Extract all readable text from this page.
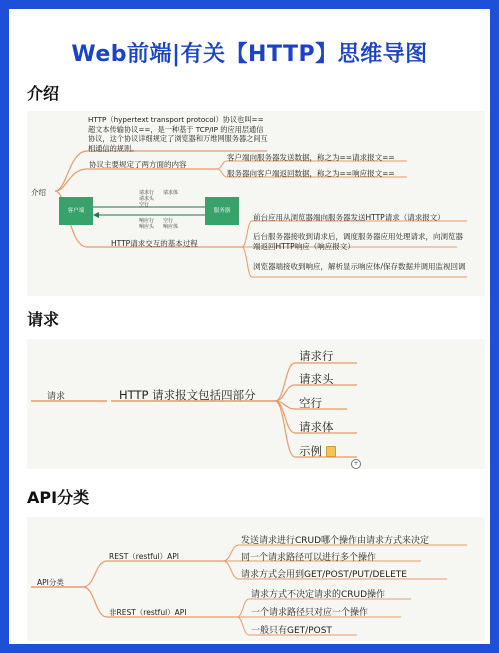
Web前端|有关【HTTP】思维导图
介绍
介绍
HTTP（hypertext transport protocol）协议也叫==超文本传输协议==，是一种基于 TCP/IP 的应用层通信协议，这个协议详细规定了浏览器和万维网服务器之间互相通信的规则。
协议主要规定了两方面的内容
客户端向服务器发送数据，称之为==请求报文==
服务器向客户端返回数据，称之为==响应报文==
客户端	服务器
请求行
请求头
空行
请求体
响应行
响应头
空行
响应体
HTTP请求交互的基本过程
前台应用从浏览器端向服务器发送HTTP请求（请求报文）
后台服务器接收到请求后，调度服务器应用处理请求，向浏览器端返回HTTP响应（响应报文）
浏览器端接收到响应，解析显示响应体/保存数据并调用监视回调
请求
请求	HTTP 请求报文包括四部分
请求行
请求头
空行
请求体
示例
+
API分类
API分类
REST（restful）API
非REST（restful）API
发送请求进行CRUD哪个操作由请求方式来决定
同一个请求路径可以进行多个操作
请求方式会用到GET/POST/PUT/DELETE
请求方式不决定请求的CRUD操作
一个请求路径只对应一个操作
一般只有GET/POST
